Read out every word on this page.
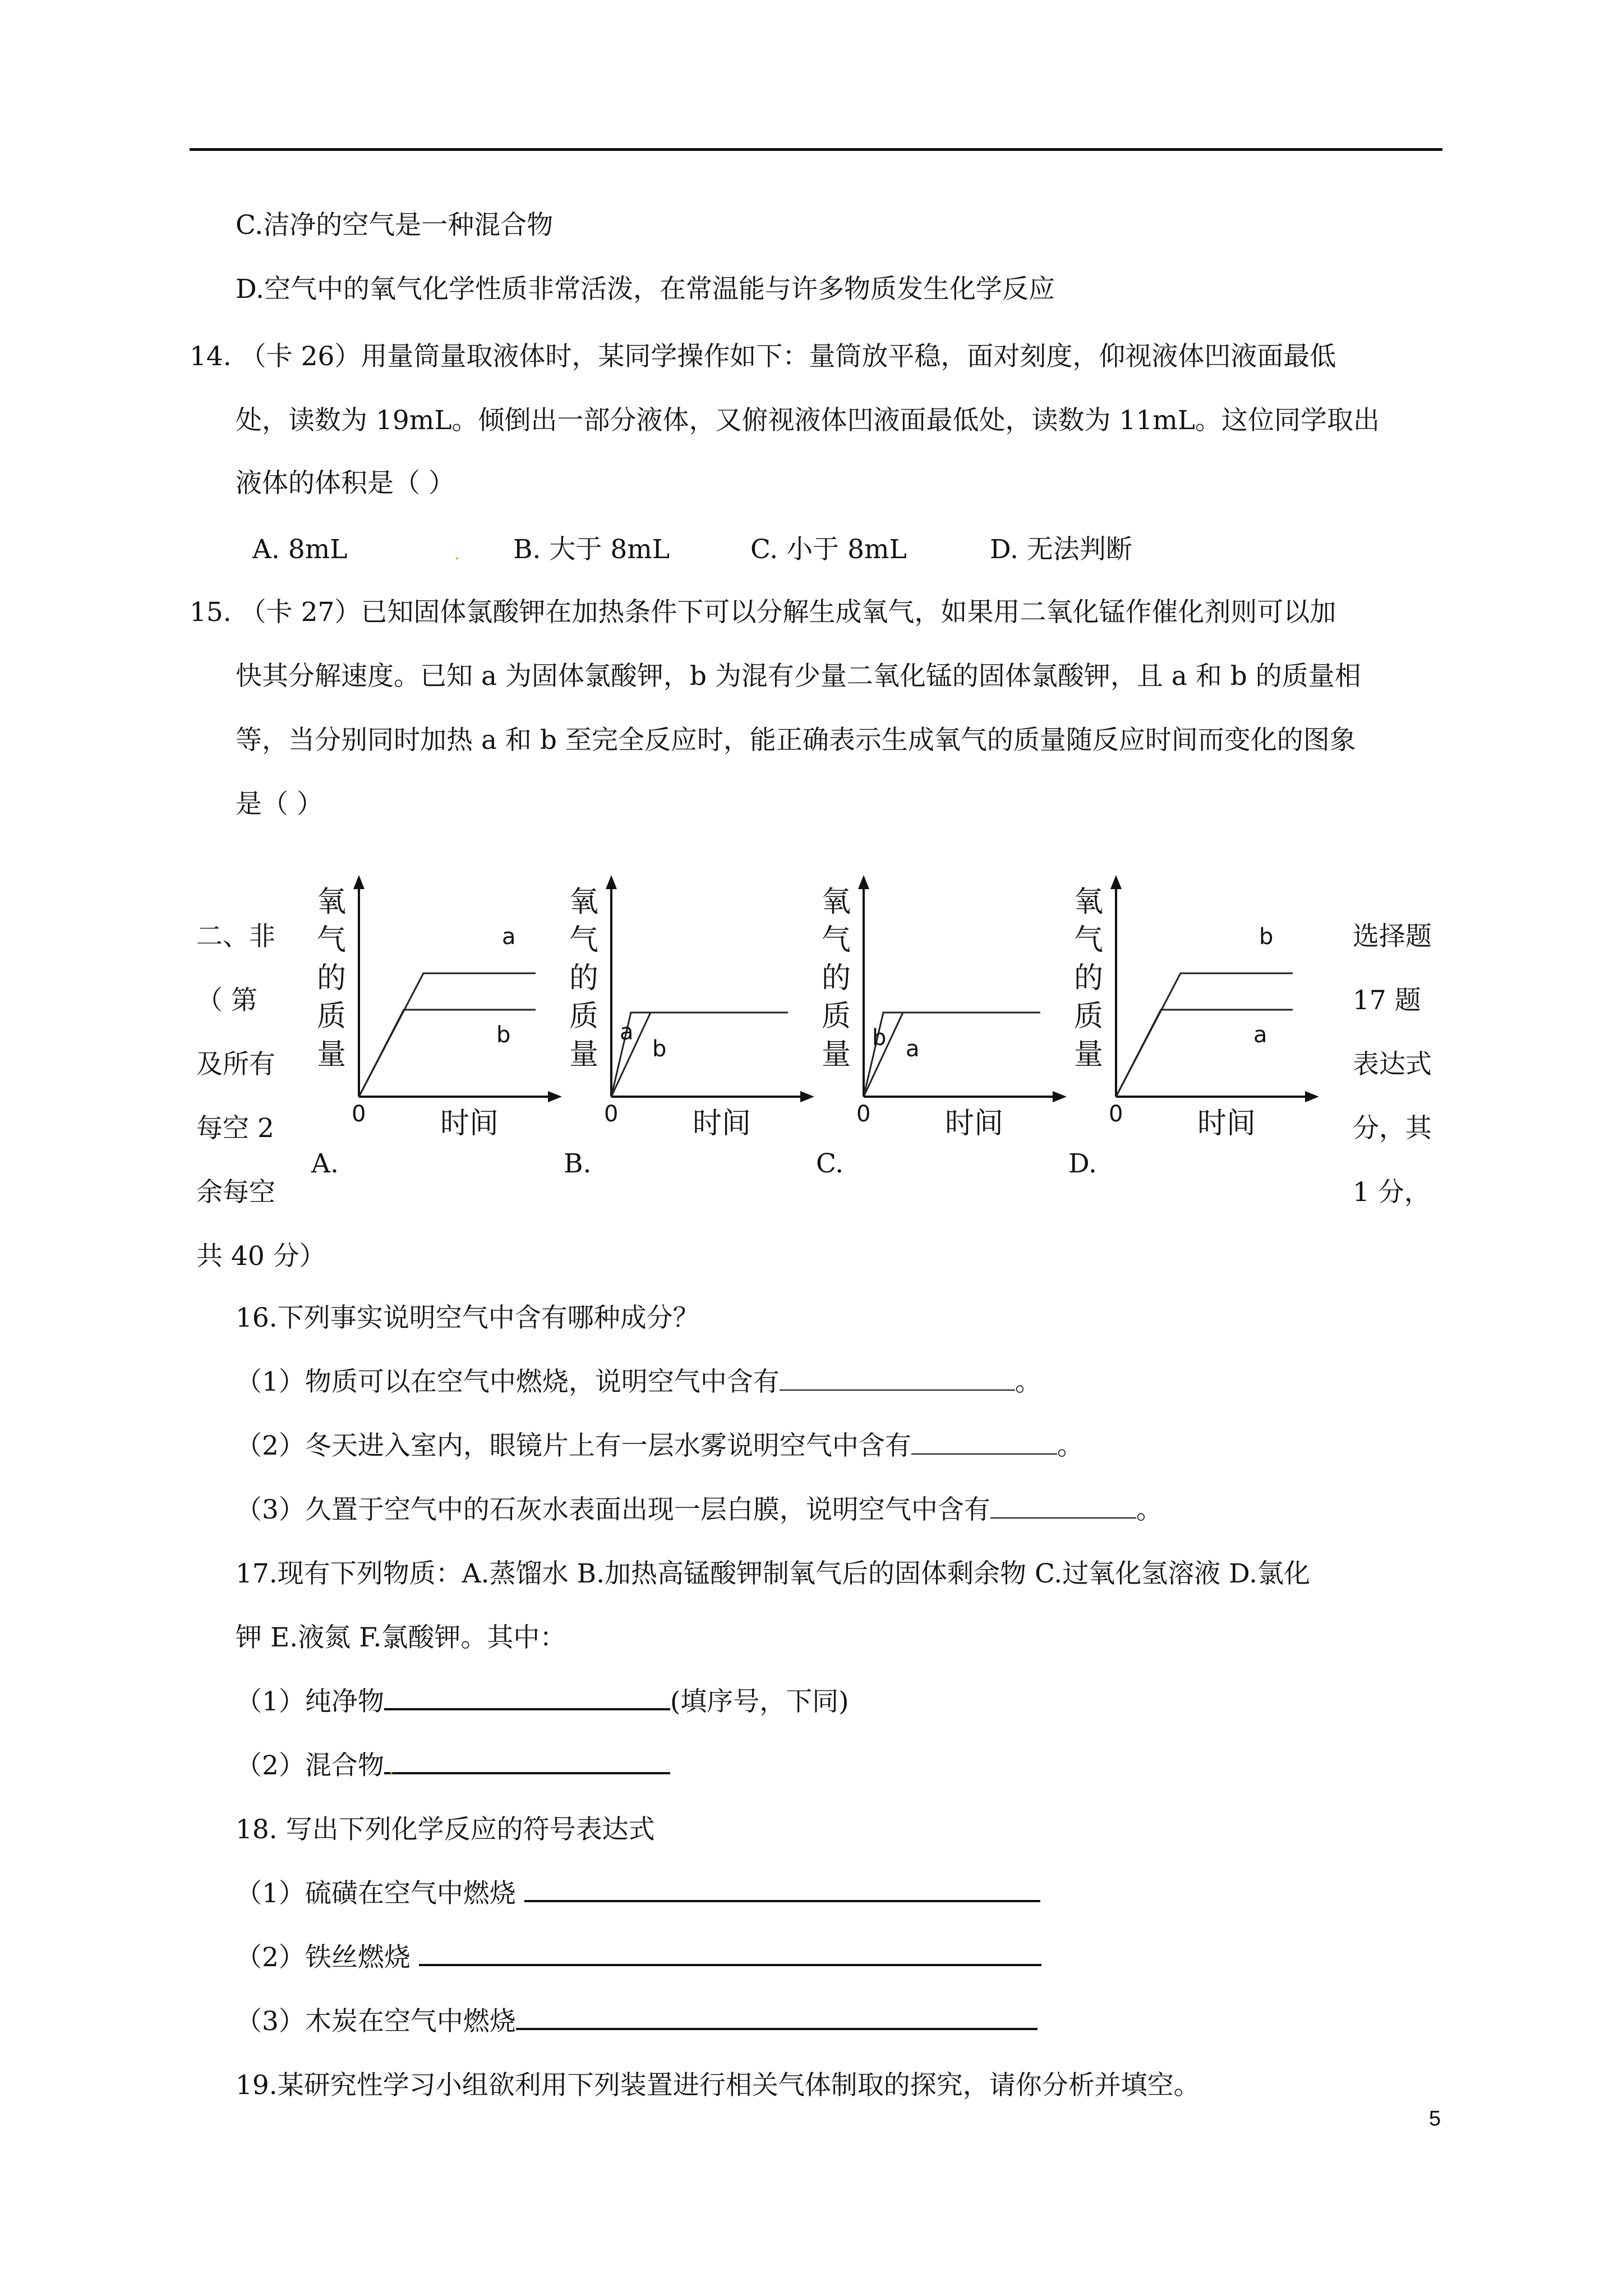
C.洁净的空气是一种混合物
D.空气中的氧气化学性质非常活泼，在常温能与许多物质发生化学反应
14. （卡 26）用量筒量取液体时，某同学操作如下：量筒放平稳，面对刻度，仰视液体凹液面最低
处，读数为 19mL。倾倒出一部分液体，又俯视液体凹液面最低处，读数为 11mL。这位同学取出
液体的体积是（ ）
A. 8mL	. B. 大于 8mL	C. 小于 8mL	D. 无法判断
15. （卡 27）已知固体氯酸钾在加热条件下可以分解生成氧气，如果用二氧化锰作催化剂则可以加
快其分解速度。已知 a 为固体氯酸钾，b 为混有少量二氧化锰的固体氯酸钾，且 a 和 b 的质量相
等，当分别同时加热 a 和 b 至完全反应时，能正确表示生成氧气的质量随反应时间而变化的图象
是（ ）
二、非
（ 第
及所有
每空 2
余每空
共 40 分）
选择题
17 题
表达式
分，其
1 分，
a
b
氧
气
的
质
量
0	时间
A.
a
b
氧
气
的
质
量
0	时间
B.
a
b
氧
气
的
质
量
0	时间
C.
a
b
氧
气
的
质
量
0	时间
D.
16.下列事实说明空气中含有哪种成分？
（1）物质可以在空气中燃烧，说明空气中含有	。
（2）冬天进入室内，眼镜片上有一层水雾说明空气中含有	。
（3）久置于空气中的石灰水表面出现一层白膜，说明空气中含有	。
17.现有下列物质：A.蒸馏水 B.加热高锰酸钾制氧气后的固体剩余物 C.过氧化氢溶液 D.氯化
钾 E.液氮 F.氯酸钾。其中：
（1）纯净物	(填序号，下同)
（2）混合物 .
18. 写出下列化学反应的符号表达式
（1）硫磺在空气中燃烧
（2）铁丝燃烧
（3）木炭在空气中燃烧
19.某研究性学习小组欲利用下列装置进行相关气体制取的探究，请你分析并填空。
5
